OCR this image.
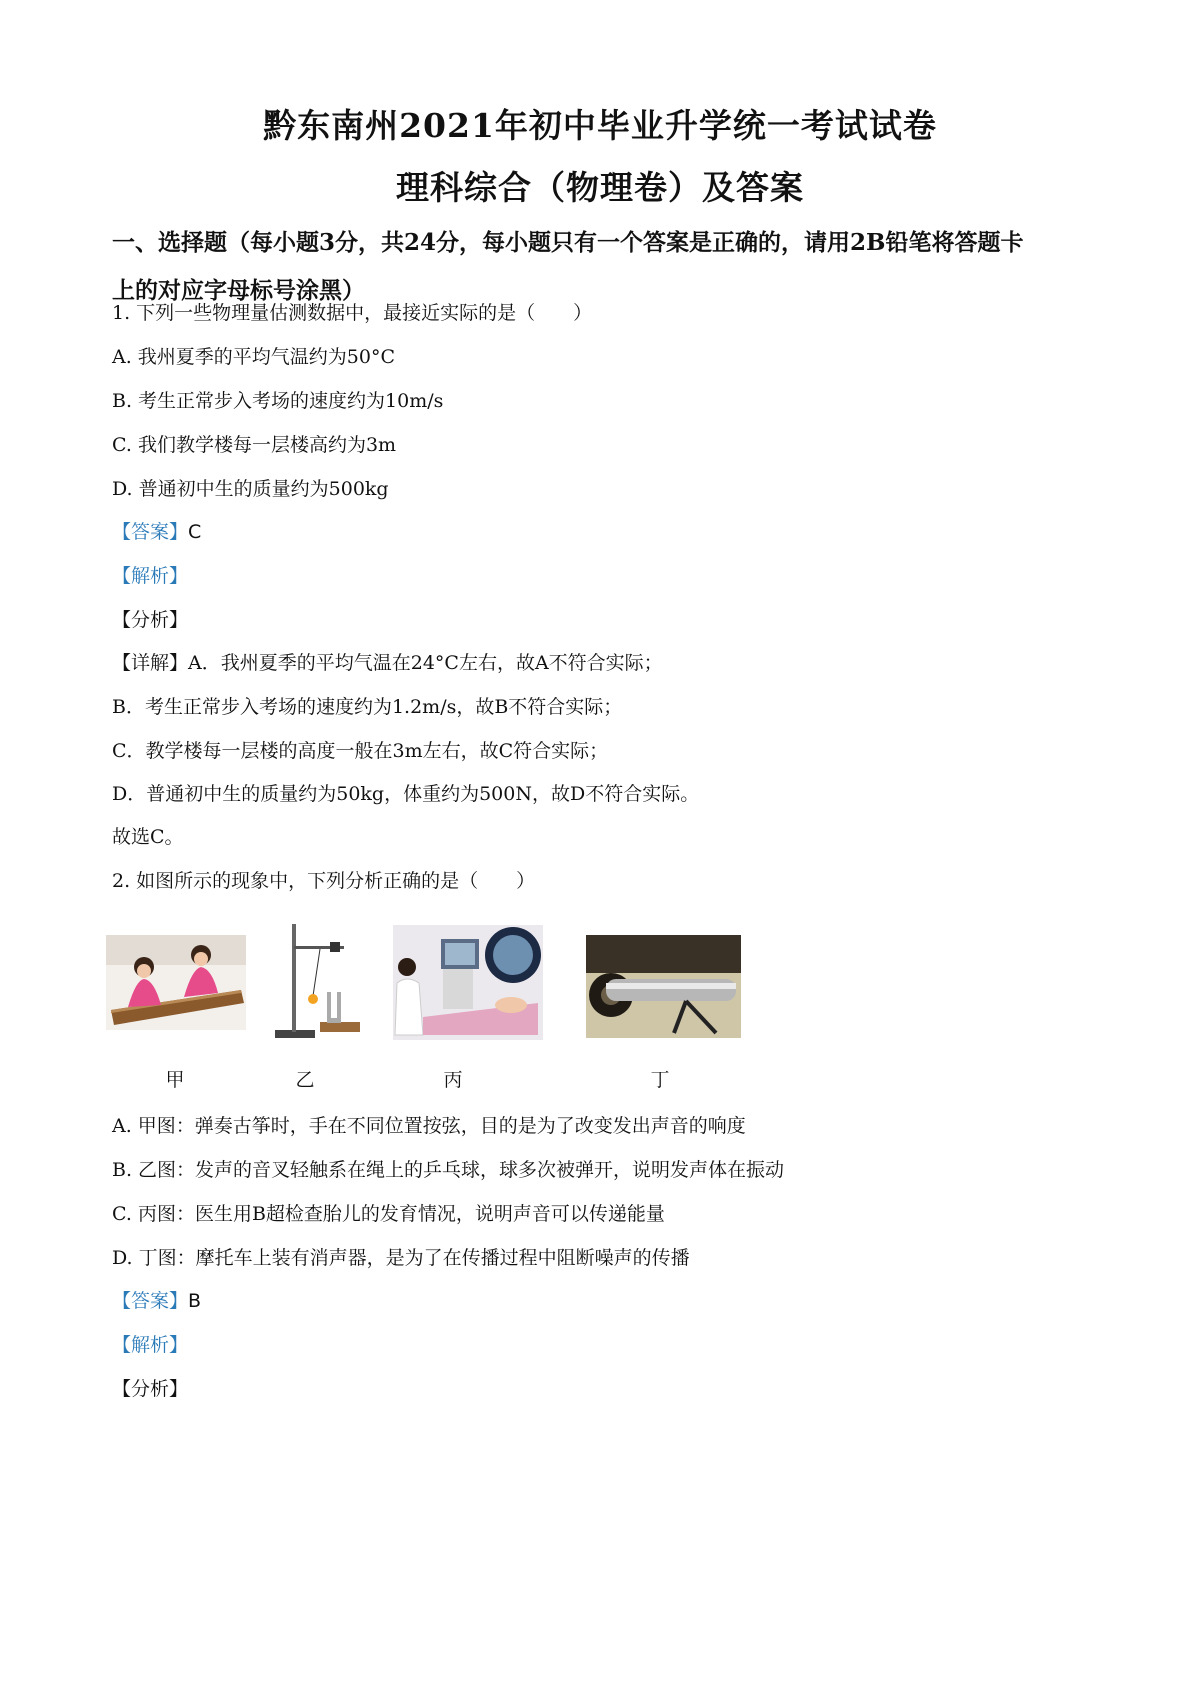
黔东南州2021年初中毕业升学统一考试试卷
理科综合（物理卷）及答案
一、选择题（每小题3分，共24分，每小题只有一个答案是正确的，请用2B铅笔将答题卡
上的对应字母标号涂黑）
1. 下列一些物理量估测数据中，最接近实际的是（　　）
A. 我州夏季的平均气温约为50°C
B. 考生正常步入考场的速度约为10m/s
C. 我们教学楼每一层楼高约为3m
D. 普通初中生的质量约为500kg
【答案】C
【解析】
【分析】
【详解】A．我州夏季的平均气温在24°C左右，故A不符合实际；
B．考生正常步入考场的速度约为1.2m/s，故B不符合实际；
C．教学楼每一层楼的高度一般在3m左右，故C符合实际；
D．普通初中生的质量约为50kg，体重约为500N，故D不符合实际。
故选C。
2. 如图所示的现象中，下列分析正确的是（　　）
甲	乙	丙	丁
A. 甲图：弹奏古筝时，手在不同位置按弦，目的是为了改变发出声音的响度
B. 乙图：发声的音叉轻触系在绳上的乒乓球，球多次被弹开，说明发声体在振动
C. 丙图：医生用B超检查胎儿的发育情况，说明声音可以传递能量
D. 丁图：摩托车上装有消声器，是为了在传播过程中阻断噪声的传播
【答案】B
【解析】
【分析】
